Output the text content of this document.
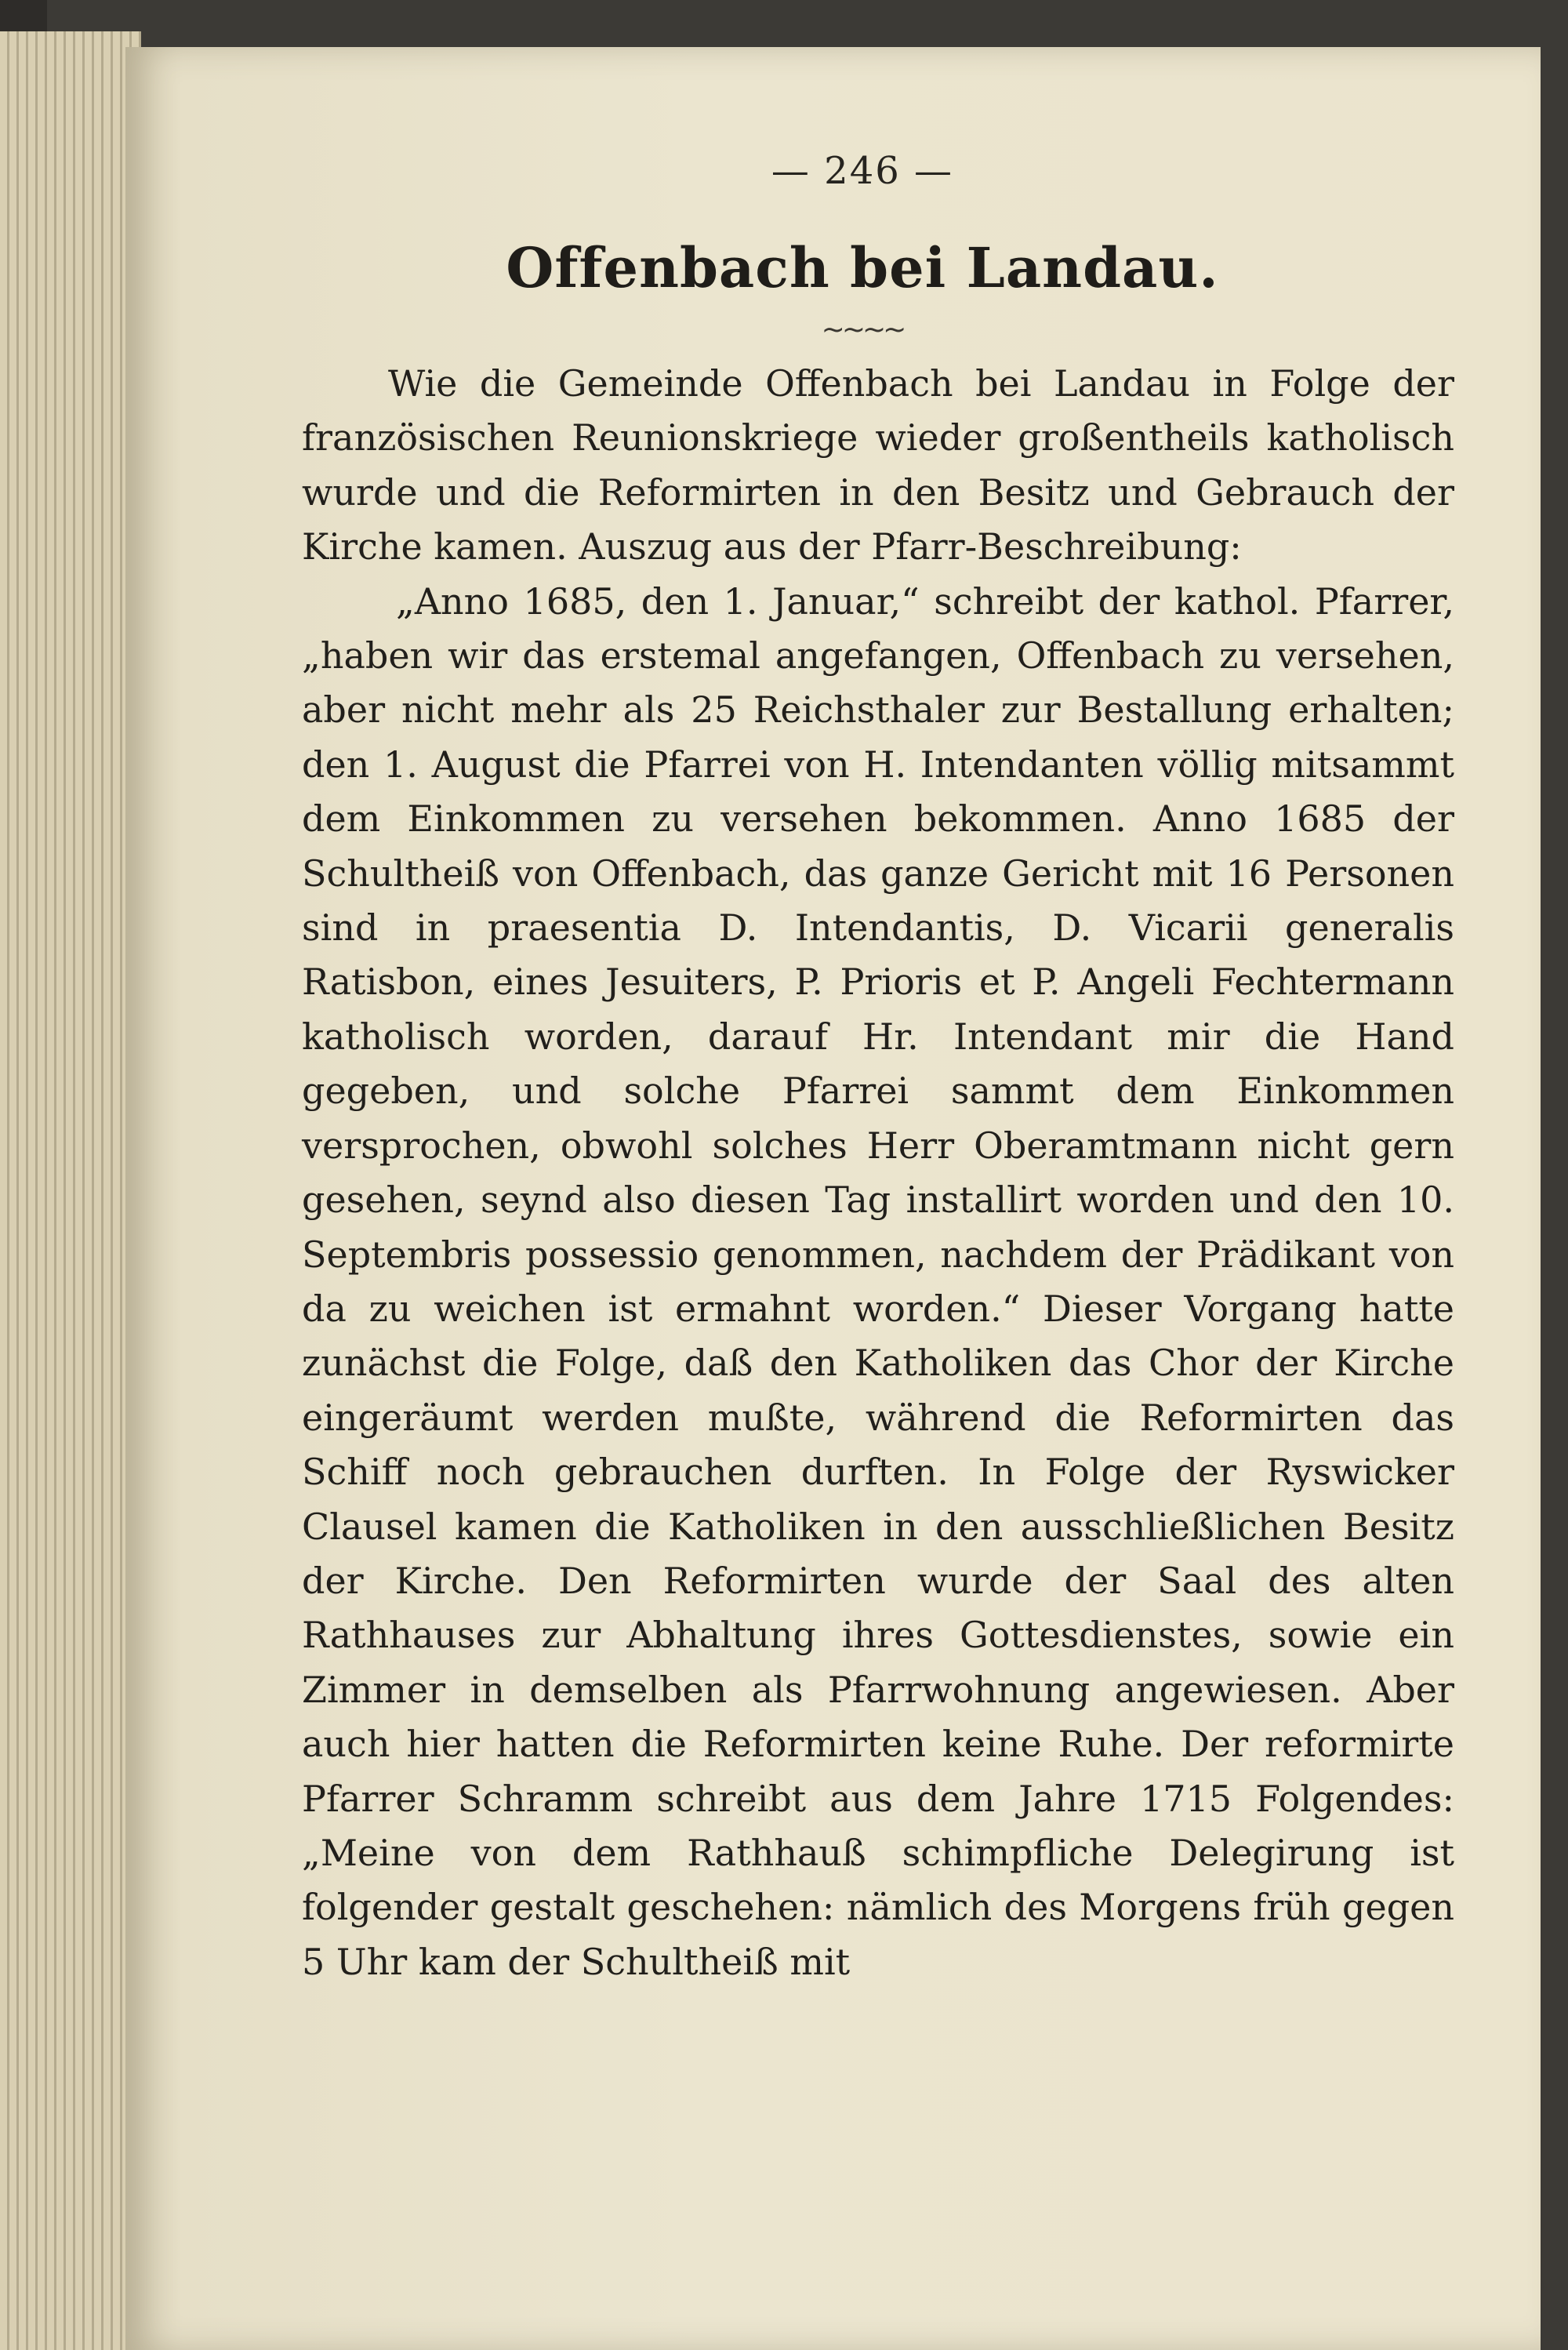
— 246 —
Offenbach bei Landau.
~~~~

Wie die Gemeinde Offenbach bei Landau in Folge der französischen Reunionskriege wieder großentheils katholisch wurde und die Reformirten in den Besitz und Gebrauch der Kirche kamen. Auszug aus der Pfarr-Beschreibung:

„Anno 1685, den 1. Januar,“ schreibt der kathol. Pfarrer, „haben wir das erstemal angefangen, Offenbach zu versehen, aber nicht mehr als 25 Reichsthaler zur Bestallung erhalten; den 1. August die Pfarrei von H. Intendanten völlig mitsammt dem Einkommen zu versehen bekommen. Anno 1685 der Schultheiß von Offenbach, das ganze Gericht mit 16 Personen sind in praesentia D. Intendantis, D. Vicarii generalis Ratisbon, eines Jesuiters, P. Prioris et P. Angeli Fechtermann katholisch worden, darauf Hr. Intendant mir die Hand gegeben, und solche Pfarrei sammt dem Einkommen versprochen, obwohl solches Herr Oberamtmann nicht gern gesehen, seynd also diesen Tag installirt worden und den 10. Septembris possessio genommen, nachdem der Prädikant von da zu weichen ist ermahnt worden.“ Dieser Vorgang hatte zunächst die Folge, daß den Katholiken das Chor der Kirche eingeräumt werden mußte, während die Reformirten das Schiff noch gebrauchen durften. In Folge der Ryswicker Clausel kamen die Katholiken in den ausschließlichen Besitz der Kirche. Den Reformirten wurde der Saal des alten Rathhauses zur Abhaltung ihres Gottesdienstes, sowie ein Zimmer in demselben als Pfarrwohnung angewiesen. Aber auch hier hatten die Reformirten keine Ruhe. Der reformirte Pfarrer Schramm schreibt aus dem Jahre 1715 Folgendes: „Meine von dem Rathhauß schimpfliche Delegirung ist folgender gestalt geschehen: nämlich des Morgens früh gegen 5 Uhr kam der Schultheiß mit
